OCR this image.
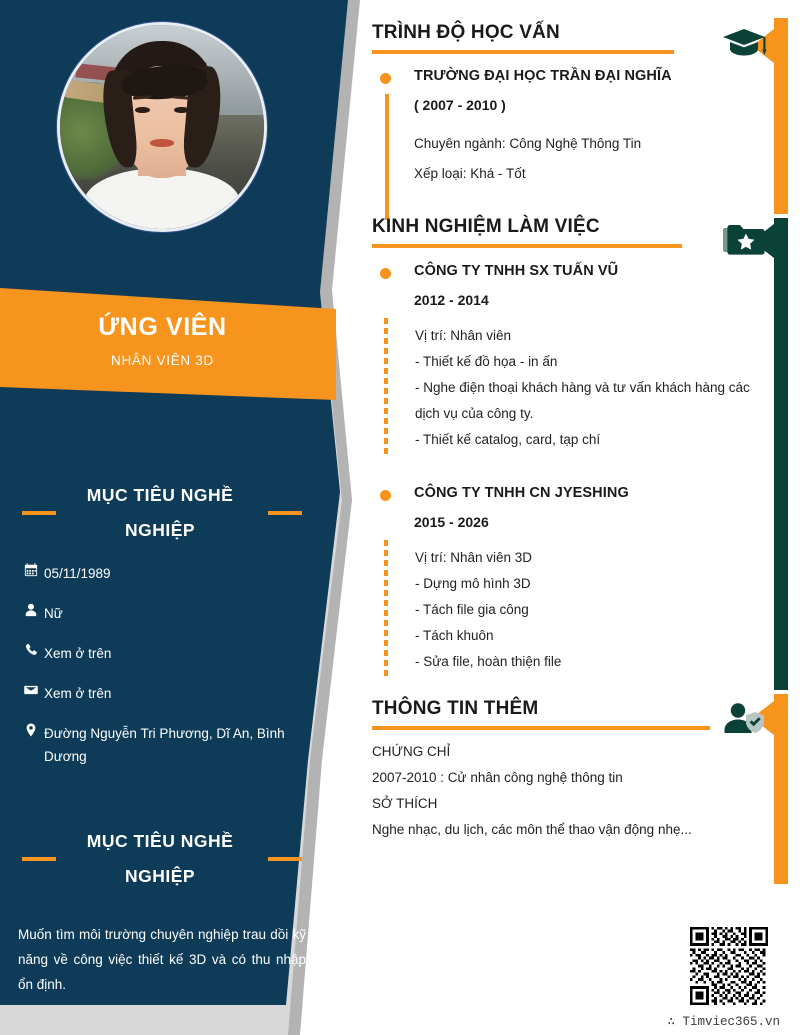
ỨNG VIÊN
NHÂN VIÊN 3D
MỤC TIÊU NGHỀ
NGHIỆP
05/11/1989
Nữ
Xem ở trên
Xem ở trên
Đường Nguyễn Tri Phương, Dĩ An, Bình Dương
MỤC TIÊU NGHỀ
NGHIỆP
Muốn tìm môi trường chuyên nghiệp trau dồi kỹ năng về công việc thiết kế 3D và có thu nhập ổn định.
TRÌNH ĐỘ HỌC VẤN
TRƯỜNG ĐẠI HỌC TRẦN ĐẠI NGHĨA
( 2007 - 2010 )
Chuyên ngành: Công Nghệ Thông Tin
Xếp loại: Khá - Tốt
KINH NGHIỆM LÀM VIỆC
CÔNG TY TNHH SX TUẤN VŨ
2012 - 2014
Vị trí: Nhân viên
- Thiết kế đồ họa - in ấn
- Nghe điện thoại khách hàng và tư vấn khách hàng các dịch vụ của công ty.
- Thiết kế catalog, card, tạp chí
CÔNG TY TNHH CN JYESHING
2015 - 2026
Vị trí: Nhân viên 3D
- Dựng mô hình 3D
- Tách file gia công
- Tách khuôn
- Sửa file, hoàn thiện file
THÔNG TIN THÊM
CHỨNG CHỈ
2007-2010 : Cử nhân công nghệ thông tin
SỞ THÍCH
Nghe nhạc, du lịch, các môn thể thao vận động nhẹ...
∴ Timviec365.vn
